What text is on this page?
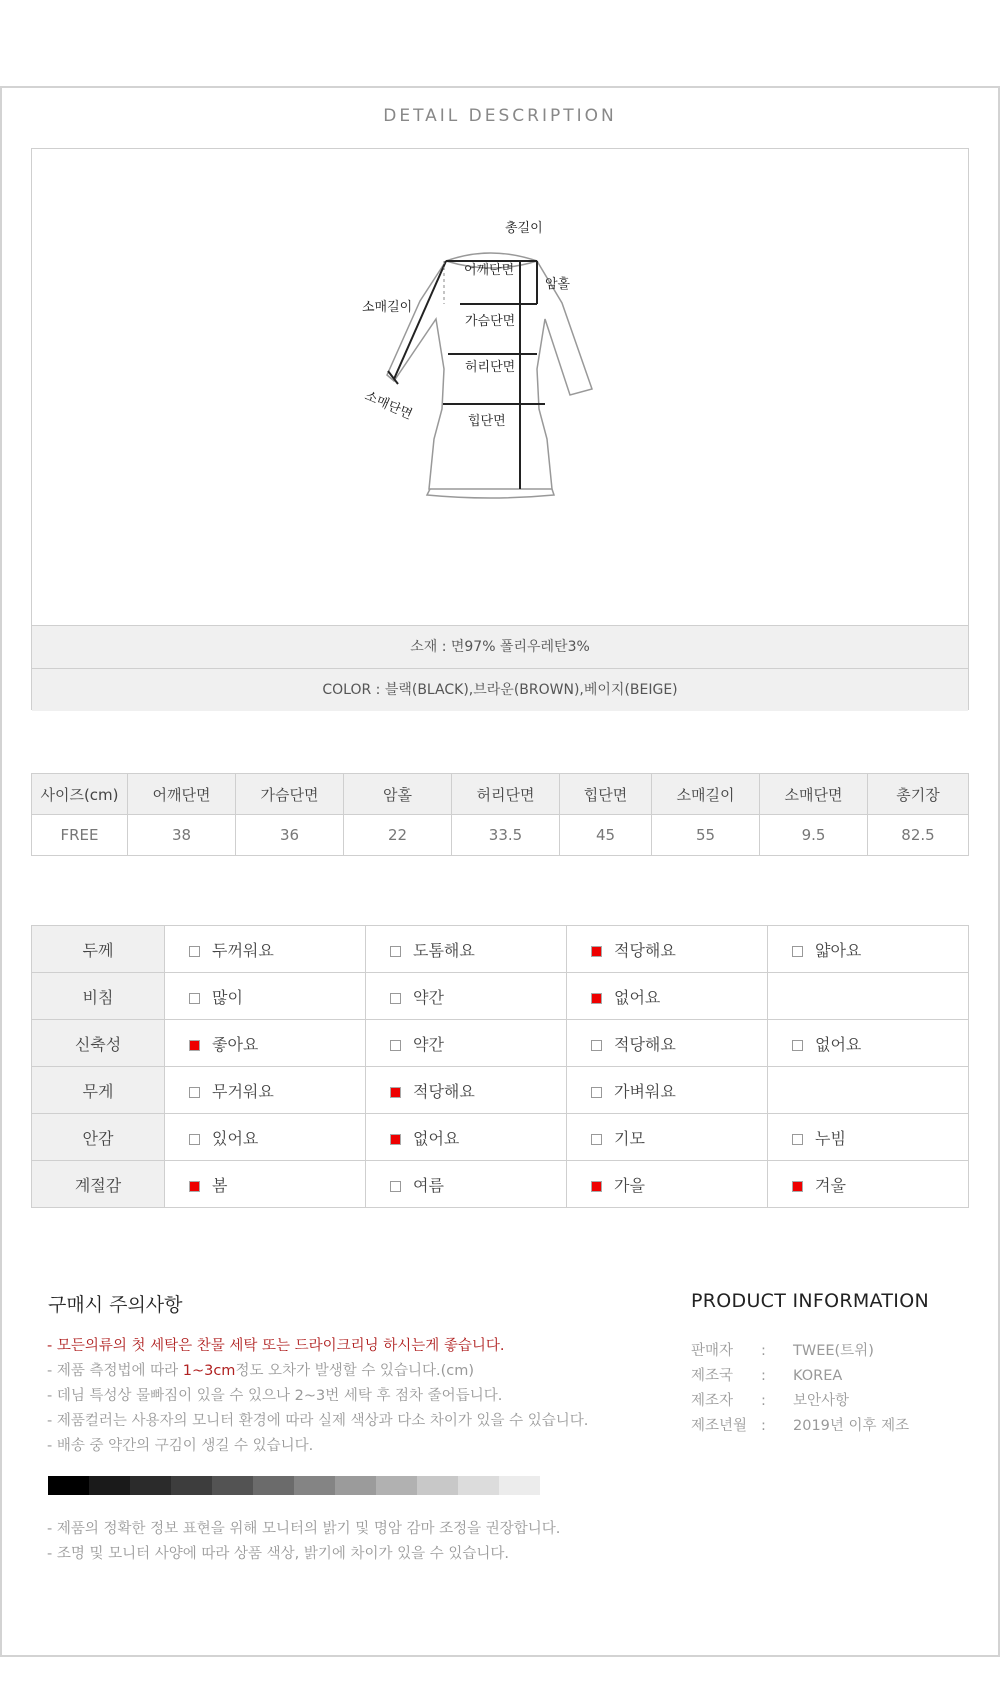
DETAIL DESCRIPTION
총길이
어깨단면
암홀
소매길이
가슴단면
허리단면
소매단면	힙단면
소재 : 면97% 폴리우레탄3%
COLOR : 블랙(BLACK),브라운(BROWN),베이지(BEIGE)
사이즈(cm)	어깨단면	가슴단면	암홀	허리단면	힙단면	소매길이	소매단면	총기장
FREE	38	36	22	33.5	45	55	9.5	82.5
두께	두꺼워요	도톰해요	적당해요	얇아요
비침	많이	약간	없어요	
신축성	좋아요	약간	적당해요	없어요
무게	무거워요	적당해요	가벼워요	
안감	있어요	없어요	기모	누빔
계절감	봄	여름	가을	겨울
구매시 주의사항
- 모든의류의 첫 세탁은 찬물 세탁 또는 드라이크리닝 하시는게 좋습니다.
- 제품 측정법에 따라 1~3cm정도 오차가 발생할 수 있습니다.(cm)
- 데님 특성상 물빠짐이 있을 수 있으나 2~3번 세탁 후 점차 줄어듭니다.
- 제품컬러는 사용자의 모니터 환경에 따라 실제 색상과 다소 차이가 있을 수 있습니다.
- 배송 중 약간의 구김이 생길 수 있습니다.
- 제품의 정확한 정보 표현을 위해 모니터의 밝기 및 명암 감마 조정을 권장합니다.
- 조명 및 모니터 사양에 따라 상품 색상, 밝기에 차이가 있을 수 있습니다.
PRODUCT INFORMATION
판매자	:	TWEE(트위)
제조국	:	KOREA
제조자	:	보안사항
제조년월 :	2019년 이후 제조
